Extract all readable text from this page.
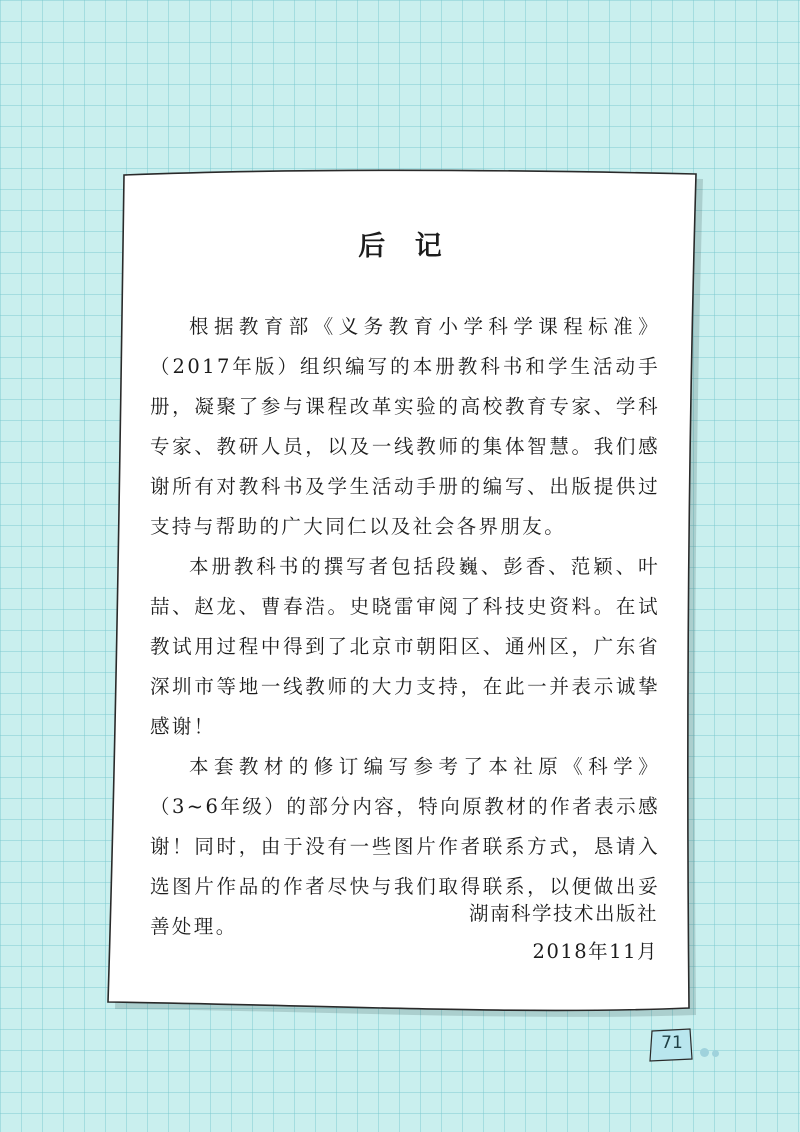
后 记

根据教育部《义务教育小学科学课程标准》（2017年版）组织编写的本册教科书和学生活动手册，凝聚了参与课程改革实验的高校教育专家、学科专家、教研人员，以及一线教师的集体智慧。我们感谢所有对教科书及学生活动手册的编写、出版提供过支持与帮助的广大同仁以及社会各界朋友。

本册教科书的撰写者包括段巍、彭香、范颖、叶喆、赵龙、曹春浩。史晓雷审阅了科技史资料。在试教试用过程中得到了北京市朝阳区、通州区，广东省深圳市等地一线教师的大力支持，在此一并表示诚挚感谢！

本套教材的修订编写参考了本社原《科学》（3~6年级）的部分内容，特向原教材的作者表示感谢！同时，由于没有一些图片作者联系方式，恳请入选图片作品的作者尽快与我们取得联系，以便做出妥善处理。

湖南科学技术出版社
2018年11月
71
